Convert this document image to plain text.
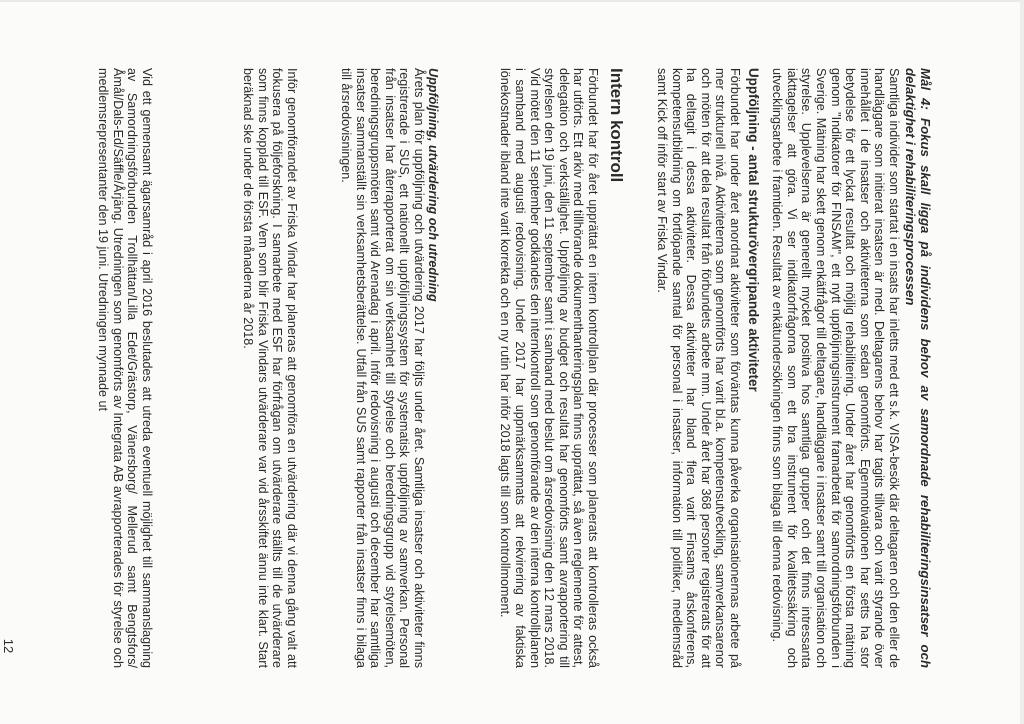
Mål 4: Fokus skall ligga på individens behov av samordnade rehabiliteringsinsatser och delaktighet i rehabiliteringsprocessen

Samtliga individer som startat i en insats har inletts med ett s.k. VISA-besök där deltagaren och den eller de handläggare som initierat insatsen är med. Deltagarens behov har tagits tillvara och varit styrande över innehållet i de insatser och aktiviteterna som sedan genomförts. Egenmotivationen har setts ha stor betydelse för ett lyckat resultat och möjlig rehabilitering. Under året har genomförts en första mätning genom "Indikatorer för FINSAM", ett nytt uppföljningsinstrument framarbetat för samordningsförbunden i Sverige. Mätning har skett genom enkätfrågor till deltagare, handläggare i insatser samt till organisation och styrelse. Upplevelserna är generellt mycket positiva hos samtliga grupper och det finns intressanta iakttagelser att göra. Vi ser indikatorfrågorna som ett bra instrument för kvalitetssäkring och utvecklingsarbete i framtiden. Resultat av enkätundersökningen finns som bilaga till denna redovisning.

Uppföljning - antal strukturövergripande aktiviteter

Förbundet har under året anordnat aktiviteter som förväntas kunna påverka organisationernas arbete på mer strukturell nivå. Aktiviteterna som genomförts har varit bl.a. kompetensutveckling, samverkansarenor och möten för att dela resultat från förbundets arbete mm. Under året har 368 personer registrerats för att ha deltagit i dessa aktiviteter. Dessa aktiviteter har bland flera varit Finsams årskonferens, kompetensutbildning om fortlöpande samtal för personal i insatser, information till politiker, medlemsråd samt Kick off inför start av Friska Vindar.

Intern kontroll

Förbundet har för året upprättat en intern kontrollplan där processer som planerats att kontrolleras också har utförts. Ett arkiv med tillhörande dokumenthanteringsplan finns upprättat, så även reglemente för attest, delegation och verkställighet. Uppföljning av budget och resultat har genomförts samt avrapportering till styrelsen den 19 juni, den 11 september samt i samband med beslut om årsredovisning den 12 mars 2018. Vid mötet den 11 september godkändes den internkontroll som genomförande av den interna kontrollplanen i samband med augusti redovisning. Under 2017 har uppmärksammats att rekvirering av faktiska lönekostnader ibland inte varit korrekta och en ny rutin har inför 2018 lagts till som kontrollmoment.

Uppföljning, utvärdering och utredning

Årets plan för uppföljning och utvärdering 2017 har följts under året. Samtliga insatser och aktiviteter finns registrerade i SUS, ett nationellt uppföljningssystem för systematisk uppföljning av samverkan. Personal från insatser har återrapporterat om sin verksamhet till styrelse och beredningsgrupp vid styrelsemöten, beredningsgruppsmöten samt vid Arenadag i april. Inför redovisning i augusti och december har samtliga insatser sammanställt sin verksamhetsberättelse. Utfall från SUS samt rapporter från insatser finns i bilaga till årsredovisningen.

Inför genomförandet av Friska Vindar har planeras att genomföra en utvärdering där vi denna gång valt att fokusera på följeforskning. I samarbete med ESF har förfrågan om utvärderare ställts till de utvärderare som finns kopplad till ESF. Vem som blir Friska Vindars utvärderare var vid årsskiftet ännu inte klart. Start beräknad ske under de första månaderna år 2018.

Vid ett gemensamt ägarsamråd i april 2016 beslutades att utreda eventuell möjlighet till sammanslagning av Samordningsförbunden Trollhättan/Lilla Edet/Grästorp, Vänersborg/ Mellerud samt Bengtsfors/Åmål/Dals-Ed/Säffle/Årjäng. Utredningen som genomförts av Integrata AB avrapporterades för styrelse och medlemsrepresentanter den 19 juni. Utredningen mynnade ut

12
